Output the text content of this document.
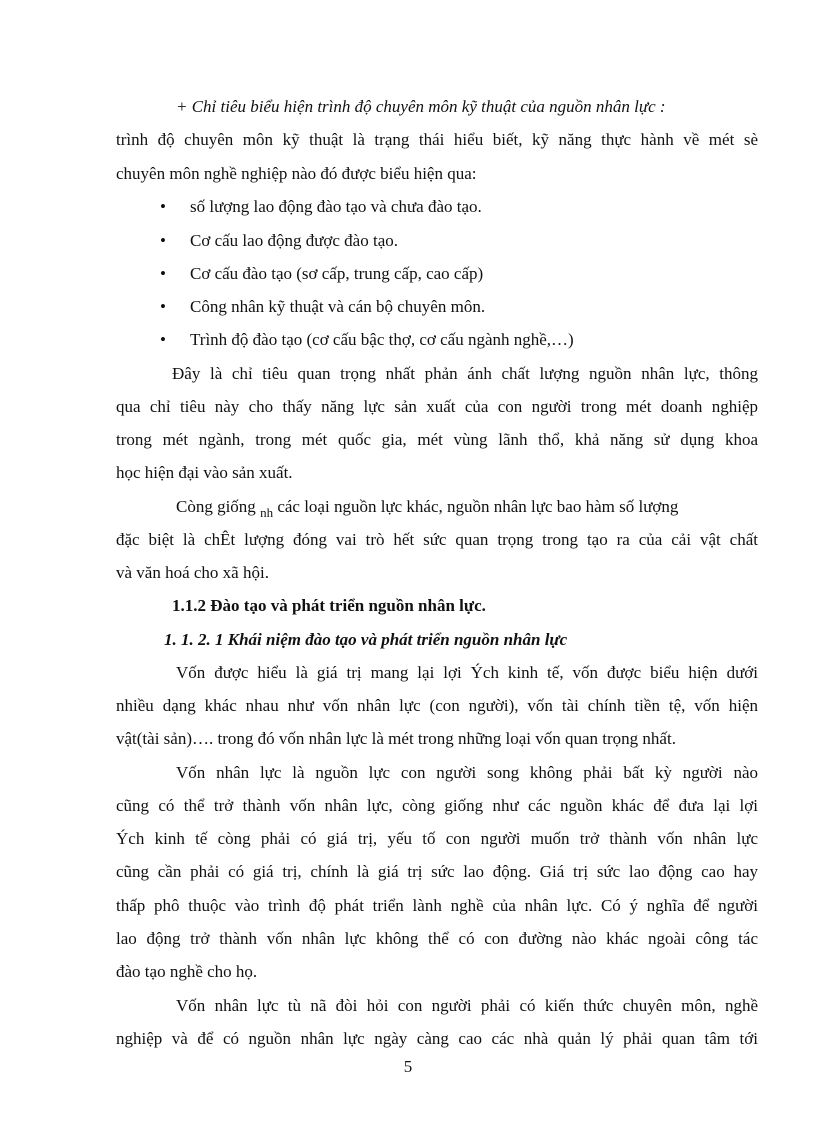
+ Chỉ tiêu biểu hiện trình độ chuyên môn kỹ thuật của nguồn nhân lực :
trình độ chuyên môn kỹ thuật là trạng thái hiểu biết, kỹ năng thực hành về mét sè
chuyên môn nghề nghiệp nào đó được biểu hiện qua:
•	số lượng lao động đào tạo và chưa đào tạo.
•	Cơ cấu lao động được đào tạo.
•	Cơ cấu đào tạo (sơ cấp, trung cấp, cao cấp)
•	Công nhân kỹ thuật và cán bộ chuyên môn.
•	Trình độ đào tạo (cơ cấu bậc thợ, cơ cấu ngành nghề,…)
Đây là chỉ tiêu quan trọng nhất phản ánh chất lượng nguồn nhân lực, thông
qua chỉ tiêu này cho thấy năng lực sản xuất của con người trong mét doanh nghiệp
trong mét ngành, trong mét quốc gia, mét vùng lãnh thổ, khả năng sử dụng khoa
học hiện đại vào sản xuất.
Còng giống $_{nh}$ các loại nguồn lực khác, nguồn nhân lực bao hàm số lượng
đặc biệt là chÊt lượng đóng vai trò hết sức quan trọng trong tạo ra của cải vật chất
và văn hoá cho xã hội.
1.1.2 Đào tạo và phát triển nguồn nhân lực.
1. 1. 2. 1 Khái niệm đào tạo và phát triển nguồn nhân lực
Vốn được hiểu là giá trị mang lại lợi Ých kinh tế, vốn được biểu hiện dưới
nhiều dạng khác nhau như vốn nhân lực (con người), vốn tài chính tiền tệ, vốn hiện
vật(tài sản)…. trong đó vốn nhân lực là mét trong những loại vốn quan trọng nhất.
Vốn nhân lực là nguồn lực con người song không phải bất kỳ người nào
cũng có thể trở thành vốn nhân lực, còng giống như các nguồn khác để đưa lại lợi
Ých kinh tế còng phải có giá trị, yếu tố con người muốn trở thành vốn nhân lực
cũng cần phải có giá trị, chính là giá trị sức lao động. Giá trị sức lao động cao hay
thấp phô thuộc vào trình độ phát triển lành nghề của nhân lực. Có ý nghĩa để người
lao động trở thành vốn nhân lực không thể có con đường nào khác ngoài công tác
đào tạo nghề cho họ.
Vốn nhân lực tù nã đòi hỏi con người phải có kiến thức chuyên môn, nghề
nghiệp và để có nguồn nhân lực ngày càng cao các nhà quản lý phải quan tâm tới
5
